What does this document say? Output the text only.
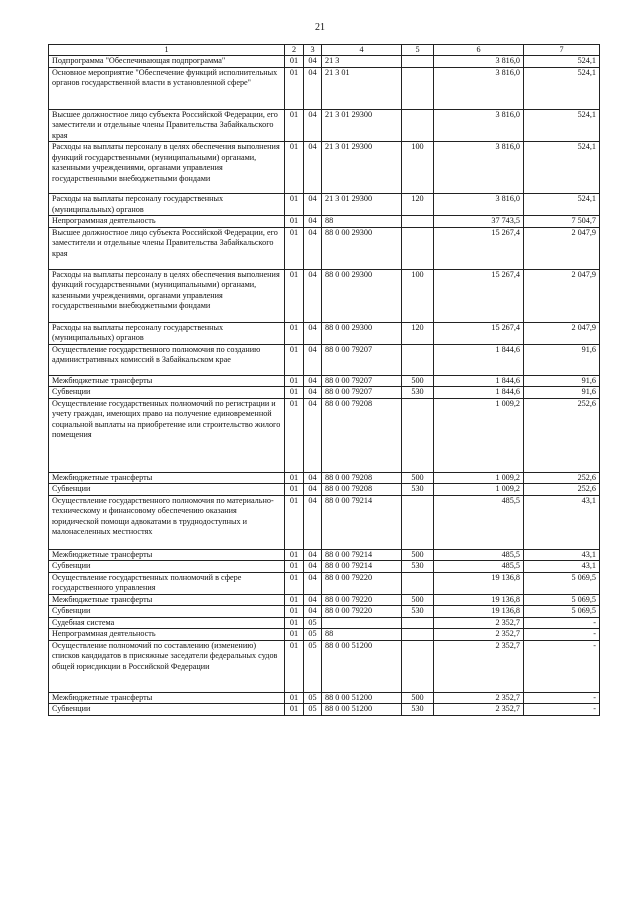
21
1	2	3	4	5	6	7
Подпрограмма "Обеспечивающая подпрограмма"	01	04	21 3		3 816,0	524,1
Основное мероприятие "Обеспечение функций исполнительных органов государственной власти в установленной сфере"	01	04	21 3 01		3 816,0	524,1
Высшее должностное лицо субъекта Российской Федерации, его заместители и отдельные члены Правительства Забайкальского края	01	04	21 3 01 29300		3 816,0	524,1
Расходы на выплаты персоналу в целях обеспечения выполнения функций государственными (муниципальными) органами, казенными учреждениями, органами управления государственными внебюджетными фондами	01	04	21 3 01 29300	100	3 816,0	524,1
Расходы на выплаты персоналу государственных (муниципальных) органов	01	04	21 3 01 29300	120	3 816,0	524,1
Непрограммная деятельность	01	04	88		37 743,5	7 504,7
Высшее должностное лицо субъекта Российской Федерации, его заместители и отдельные члены Правительства Забайкальского края	01	04	88 0 00 29300		15 267,4	2 047,9
Расходы на выплаты персоналу в целях обеспечения выполнения функций государственными (муниципальными) органами, казенными учреждениями, органами управления государственными внебюджетными фондами	01	04	88 0 00 29300	100	15 267,4	2 047,9
Расходы на выплаты персоналу государственных (муниципальных) органов	01	04	88 0 00 29300	120	15 267,4	2 047,9
Осуществление государственного полномочия по созданию административных комиссий в Забайкальском крае	01	04	88 0 00 79207		1 844,6	91,6
Межбюджетные трансферты	01	04	88 0 00 79207	500	1 844,6	91,6
Субвенции	01	04	88 0 00 79207	530	1 844,6	91,6
Осуществление государственных полномочий по регистрации и учету граждан, имеющих право на получение единовременной социальной выплаты на приобретение или строительство жилого помещения	01	04	88 0 00 79208		1 009,2	252,6
Межбюджетные трансферты	01	04	88 0 00 79208	500	1 009,2	252,6
Субвенции	01	04	88 0 00 79208	530	1 009,2	252,6
Осуществление государственного полномочия по материально-техническому и финансовому обеспечению оказания юридической помощи адвокатами в труднодоступных и малонаселенных местностях	01	04	88 0 00 79214		485,5	43,1
Межбюджетные трансферты	01	04	88 0 00 79214	500	485,5	43,1
Субвенции	01	04	88 0 00 79214	530	485,5	43,1
Осуществление государственных полномочий в сфере государственного управления	01	04	88 0 00 79220		19 136,8	5 069,5
Межбюджетные трансферты	01	04	88 0 00 79220	500	19 136,8	5 069,5
Субвенции	01	04	88 0 00 79220	530	19 136,8	5 069,5
Судебная система	01	05			2 352,7	-
Непрограммная деятельность	01	05	88		2 352,7	-
Осуществление полномочий по составлению (изменению) списков кандидатов в присяжные заседатели федеральных судов общей юрисдикции в Российской Федерации	01	05	88 0 00 51200		2 352,7	-
Межбюджетные трансферты	01	05	88 0 00 51200	500	2 352,7	-
Субвенции	01	05	88 0 00 51200	530	2 352,7	-
